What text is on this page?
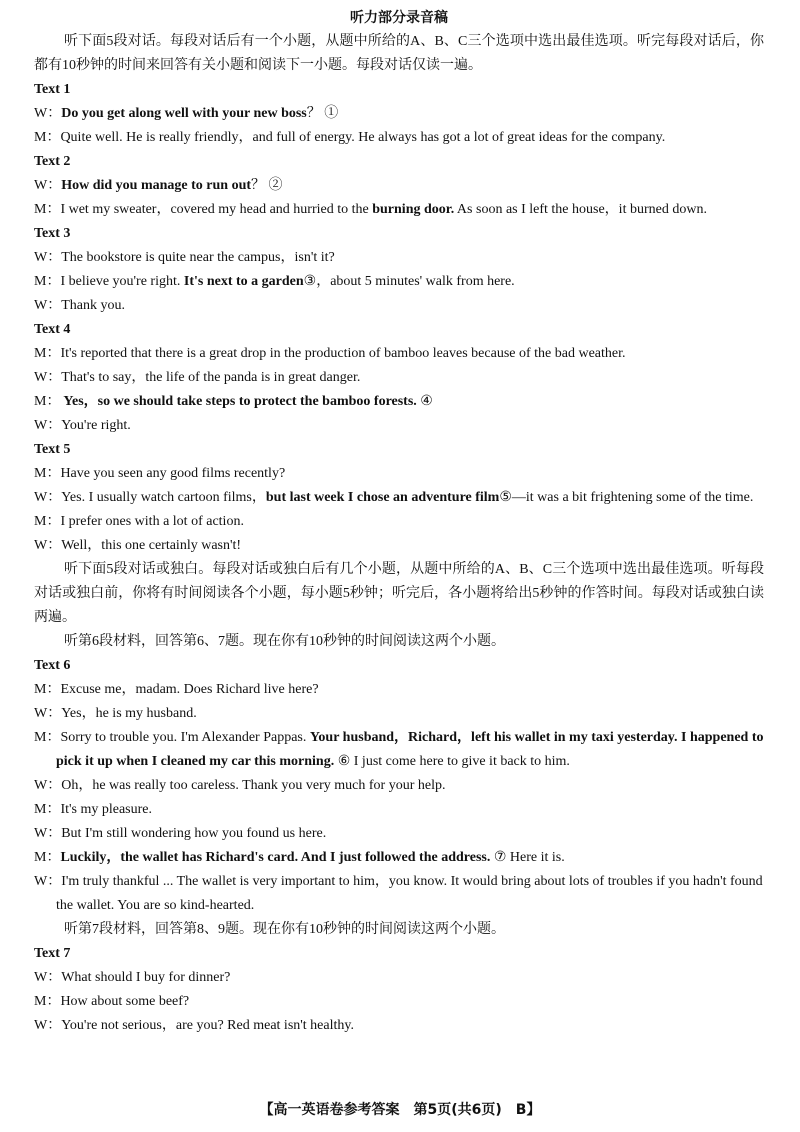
听力部分录音稿

听下面5段对话。每段对话后有一个小题，从题中所给的A、B、C三个选项中选出最佳选项。听完每段对话后，你都有10秒钟的时间来回答有关小题和阅读下一小题。每段对话仅读一遍。

Text 1

W：Do you get along well with your new boss？ ①

M：Quite well. He is really friendly，and full of energy. He always has got a lot of great ideas for the company.

Text 2

W：How did you manage to run out？ ②

M：I wet my sweater，covered my head and hurried to the burning door. As soon as I left the house，it burned down.

Text 3

W：The bookstore is quite near the campus，isn't it?

M：I believe you're right. It's next to a garden③，about 5 minutes' walk from here.

W：Thank you.

Text 4

M：It's reported that there is a great drop in the production of bamboo leaves because of the bad weather.

W：That's to say，the life of the panda is in great danger.

M： Yes，so we should take steps to protect the bamboo forests. ④

W：You're right.

Text 5

M：Have you seen any good films recently?

W：Yes. I usually watch cartoon films，but last week I chose an adventure film⑤—it was a bit frightening some of the time.

M：I prefer ones with a lot of action.

W：Well，this one certainly wasn't!

听下面5段对话或独白。每段对话或独白后有几个小题，从题中所给的A、B、C三个选项中选出最佳选项。听每段对话或独白前，你将有时间阅读各个小题，每小题5秒钟；听完后，各小题将给出5秒钟的作答时间。每段对话或独白读两遍。

听第6段材料，回答第6、7题。现在你有10秒钟的时间阅读这两个小题。

Text 6

M：Excuse me，madam. Does Richard live here?

W：Yes，he is my husband.

M：Sorry to trouble you. I'm Alexander Pappas. Your husband，Richard，left his wallet in my taxi yesterday. I happened to pick it up when I cleaned my car this morning. ⑥ I just come here to give it back to him.

W：Oh，he was really too careless. Thank you very much for your help.

M：It's my pleasure.

W：But I'm still wondering how you found us here.

M：Luckily，the wallet has Richard's card. And I just followed the address. ⑦ Here it is.

W：I'm truly thankful ... The wallet is very important to him，you know. It would bring about lots of troubles if you hadn't found the wallet. You are so kind-hearted.

听第7段材料，回答第8、9题。现在你有10秒钟的时间阅读这两个小题。

Text 7

W：What should I buy for dinner?

M：How about some beef?

W：You're not serious，are you? Red meat isn't healthy.

【高一英语卷参考答案　第5页(共6页)　B】
